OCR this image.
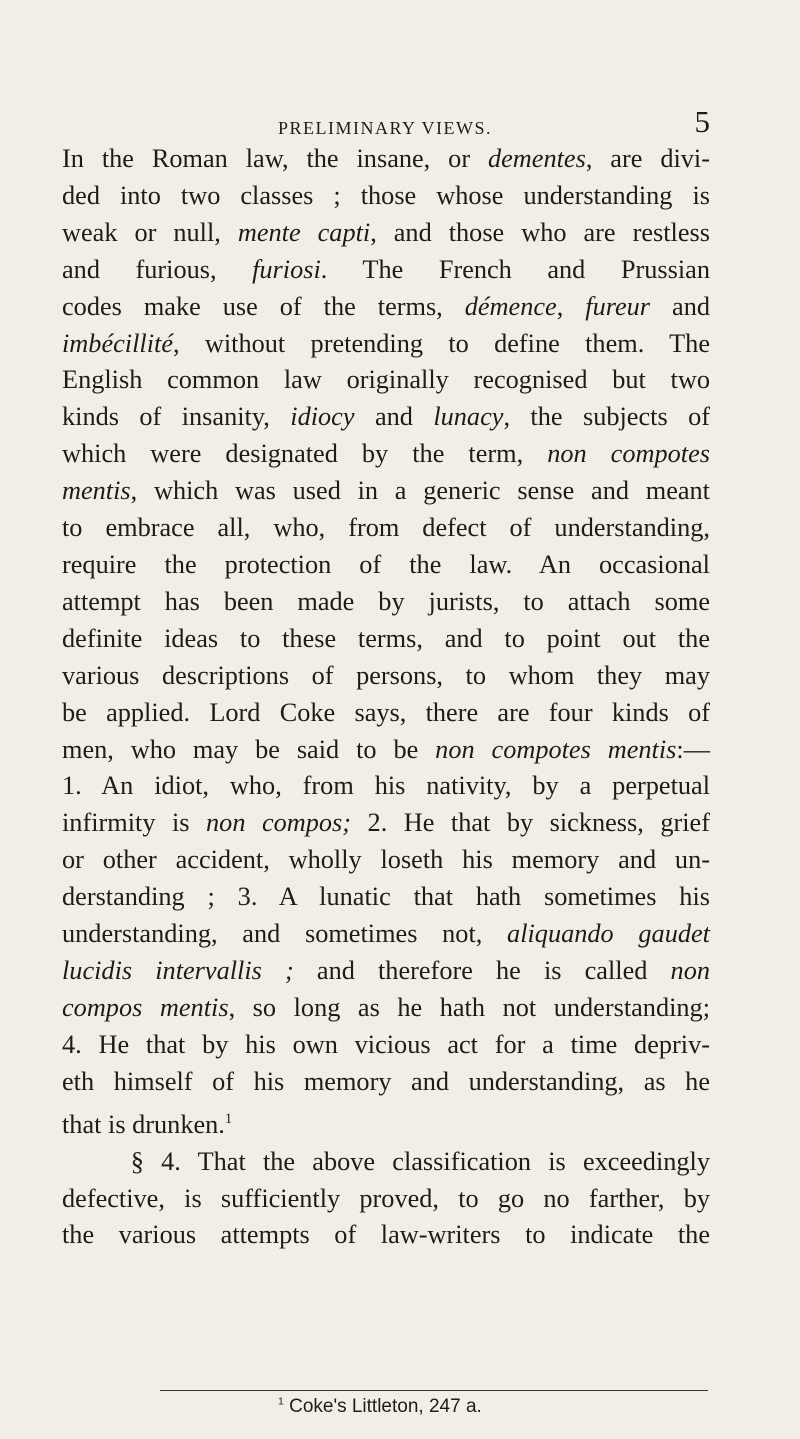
PRELIMINARY VIEWS.	5
In the Roman law, the insane, or dementes, are divi-
ded into two classes ; those whose understanding is
weak or null, mente capti, and those who are restless
and furious, furiosi. The French and Prussian
codes make use of the terms, démence, fureur and
imbécillité, without pretending to define them. The
English common law originally recognised but two
kinds of insanity, idiocy and lunacy, the subjects of
which were designated by the term, non compotes
mentis, which was used in a generic sense and meant
to embrace all, who, from defect of understanding,
require the protection of the law. An occasional
attempt has been made by jurists, to attach some
definite ideas to these terms, and to point out the
various descriptions of persons, to whom they may
be applied. Lord Coke says, there are four kinds of
men, who may be said to be non compotes mentis:—
1. An idiot, who, from his nativity, by a perpetual
infirmity is non compos; 2. He that by sickness, grief
or other accident, wholly loseth his memory and un-
derstanding ; 3. A lunatic that hath sometimes his
understanding, and sometimes not, aliquando gaudet
lucidis intervallis ; and therefore he is called non
compos mentis, so long as he hath not understanding;
4. He that by his own vicious act for a time depriv-
eth himself of his memory and understanding, as he
that is drunken.$^1$
§ 4. That the above classification is exceedingly
defective, is sufficiently proved, to go no farther, by
the various attempts of law-writers to indicate the
$^1$ Coke's Littleton, 247 a.
